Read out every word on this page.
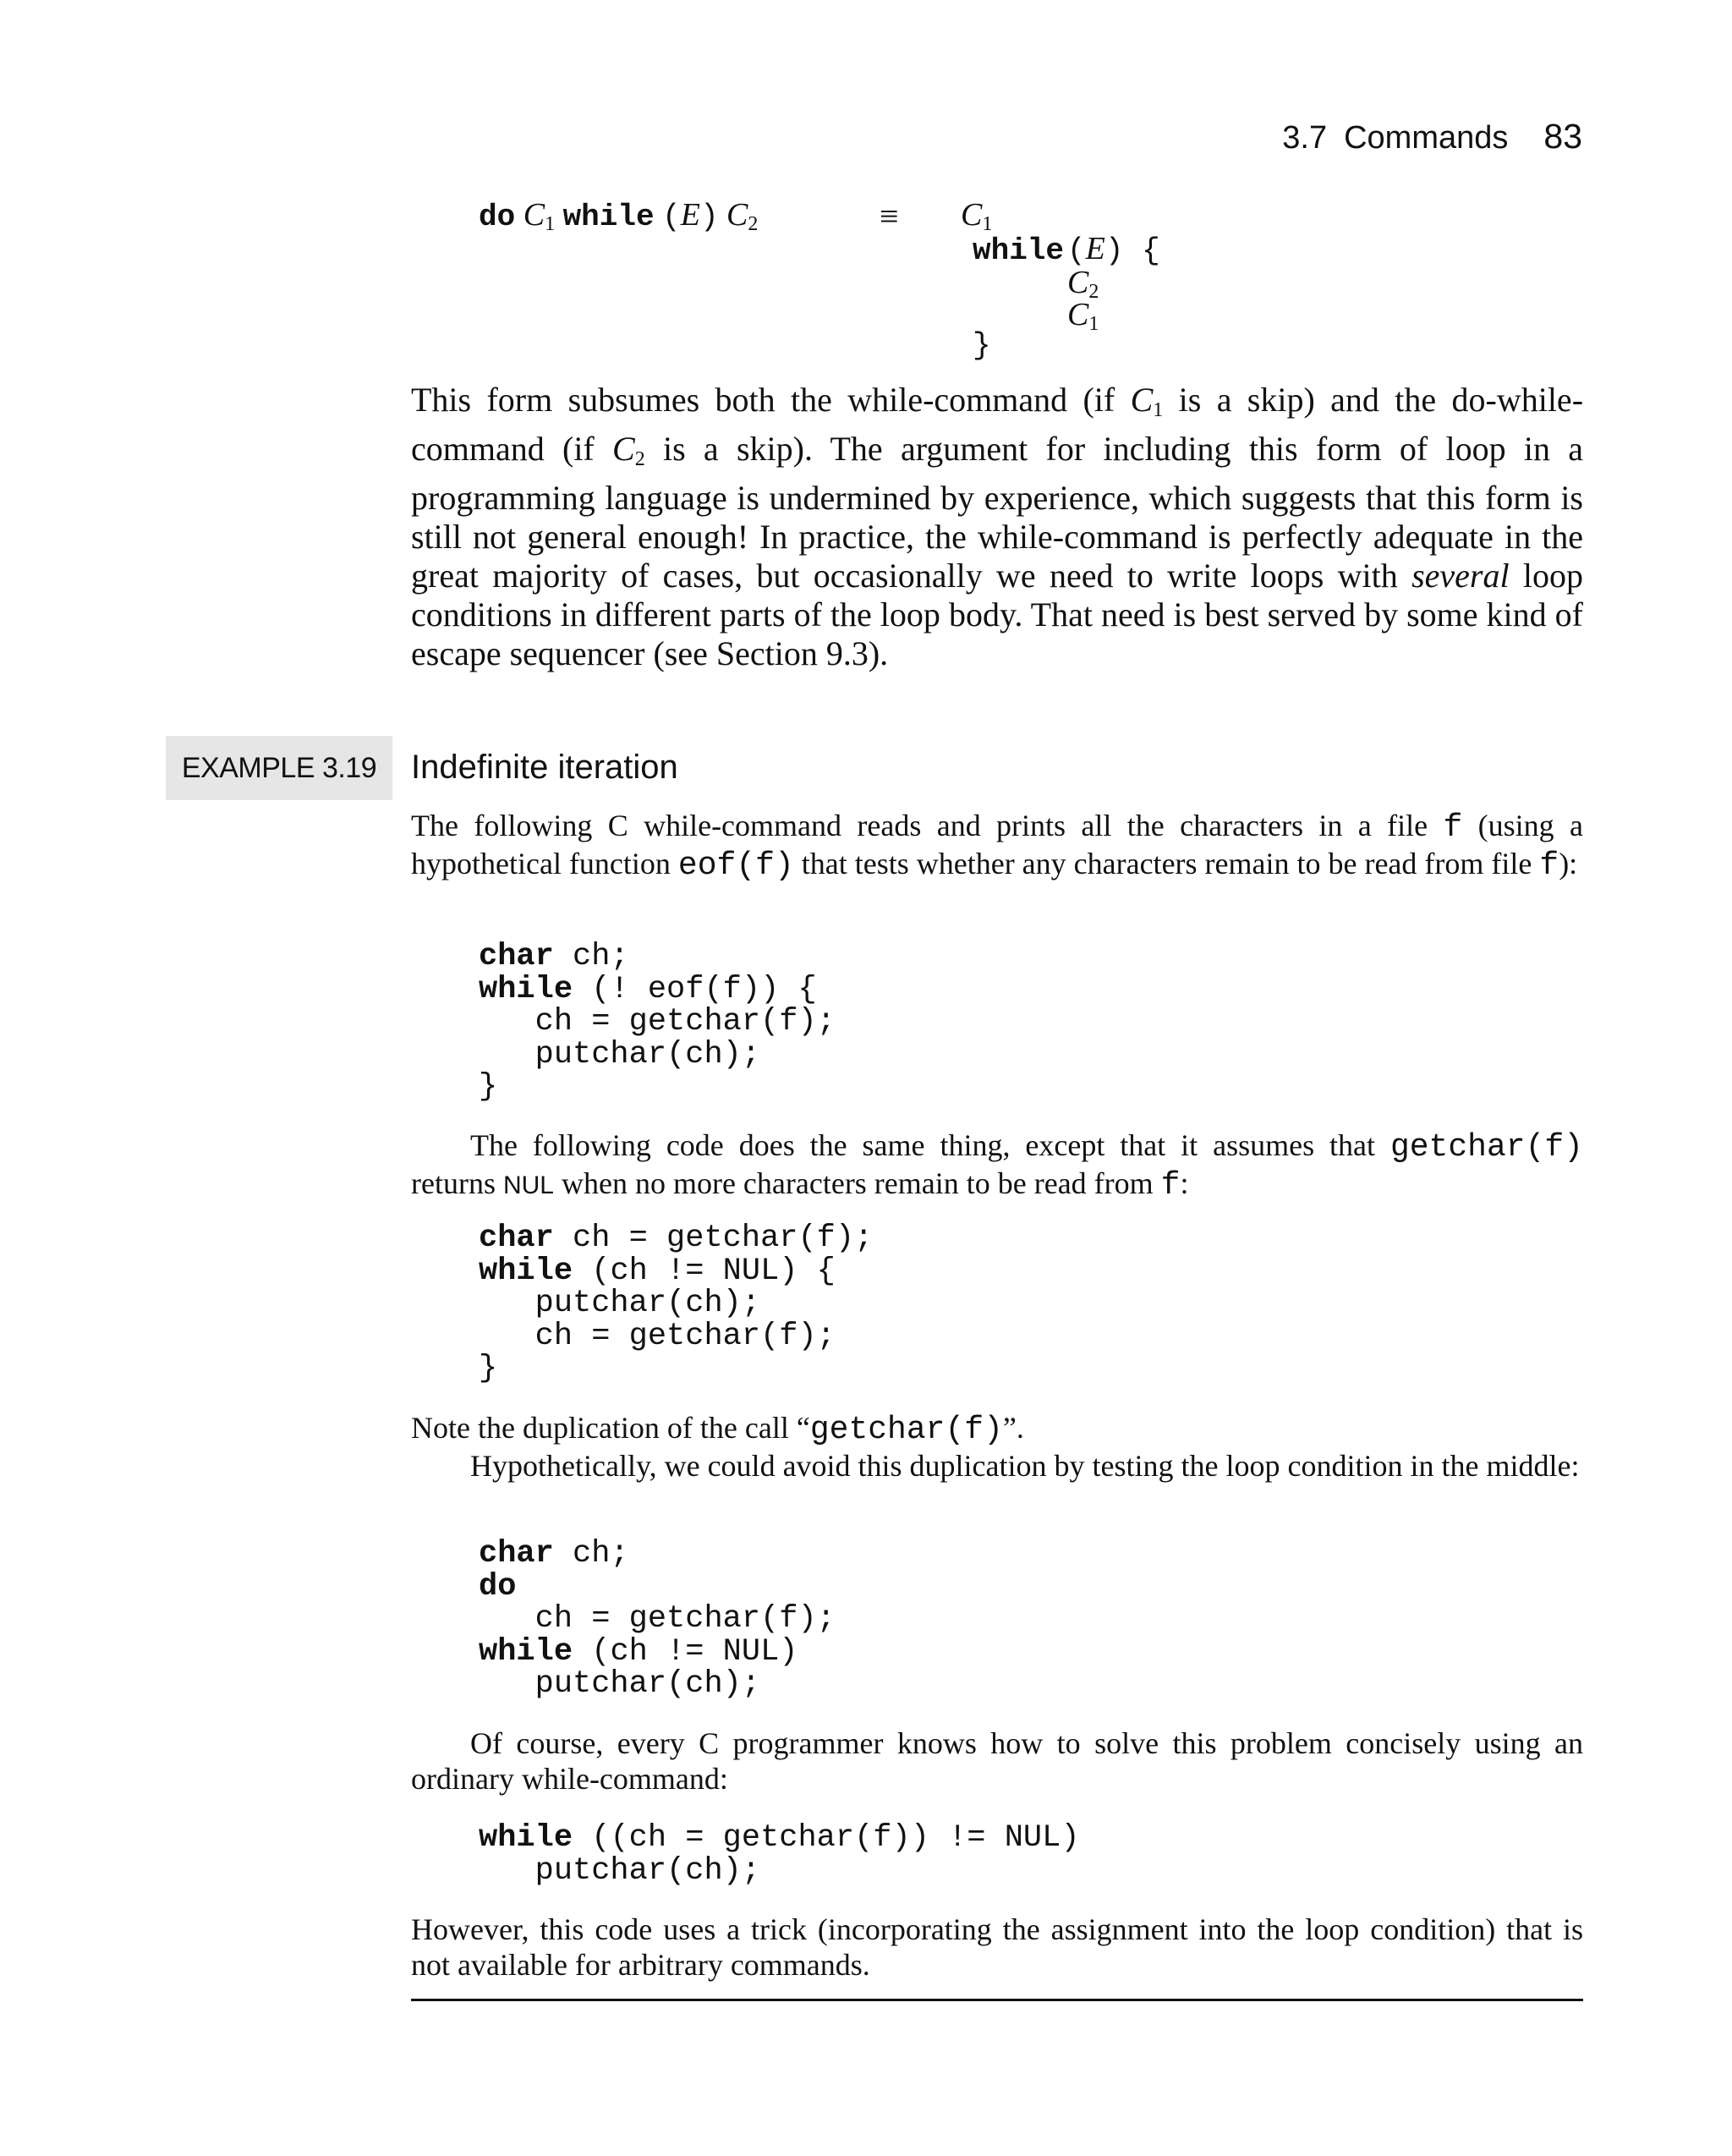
3.7 Commands 83
do $C_1$ while (E) $C_2$	≡ $C_1$
while (E) {
$C_2$
$C_1$
}

This form subsumes both the while-command (if $C_1$ is a skip) and the do-while-command (if $C_2$ is a skip). The argument for including this form of loop in a programming language is undermined by experience, which suggests that this form is still not general enough! In practice, the while-command is perfectly adequate in the great majority of cases, but occasionally we need to write loops with several loop conditions in different parts of the loop body. That need is best served by some kind of escape sequencer (see Section 9.3).

EXAMPLE 3.19	Indefinite iteration

The following C while-command reads and prints all the characters in a file f (using a hypothetical function eof(f) that tests whether any characters remain to be read from file f):

char ch;
while (! eof(f)) {
ch = getchar(f);
putchar(ch);
}

The following code does the same thing, except that it assumes that getchar(f) returns NUL when no more characters remain to be read from f:

char ch = getchar(f);
while (ch != NUL) {
putchar(ch);
ch = getchar(f);
}

Note the duplication of the call “getchar(f)”.

Hypothetically, we could avoid this duplication by testing the loop condition in the middle:

char ch;
do
ch = getchar(f);
while (ch != NUL)
putchar(ch);

Of course, every C programmer knows how to solve this problem concisely using an ordinary while-command:

while ((ch = getchar(f)) != NUL)
putchar(ch);

However, this code uses a trick (incorporating the assignment into the loop condition) that is not available for arbitrary commands.
